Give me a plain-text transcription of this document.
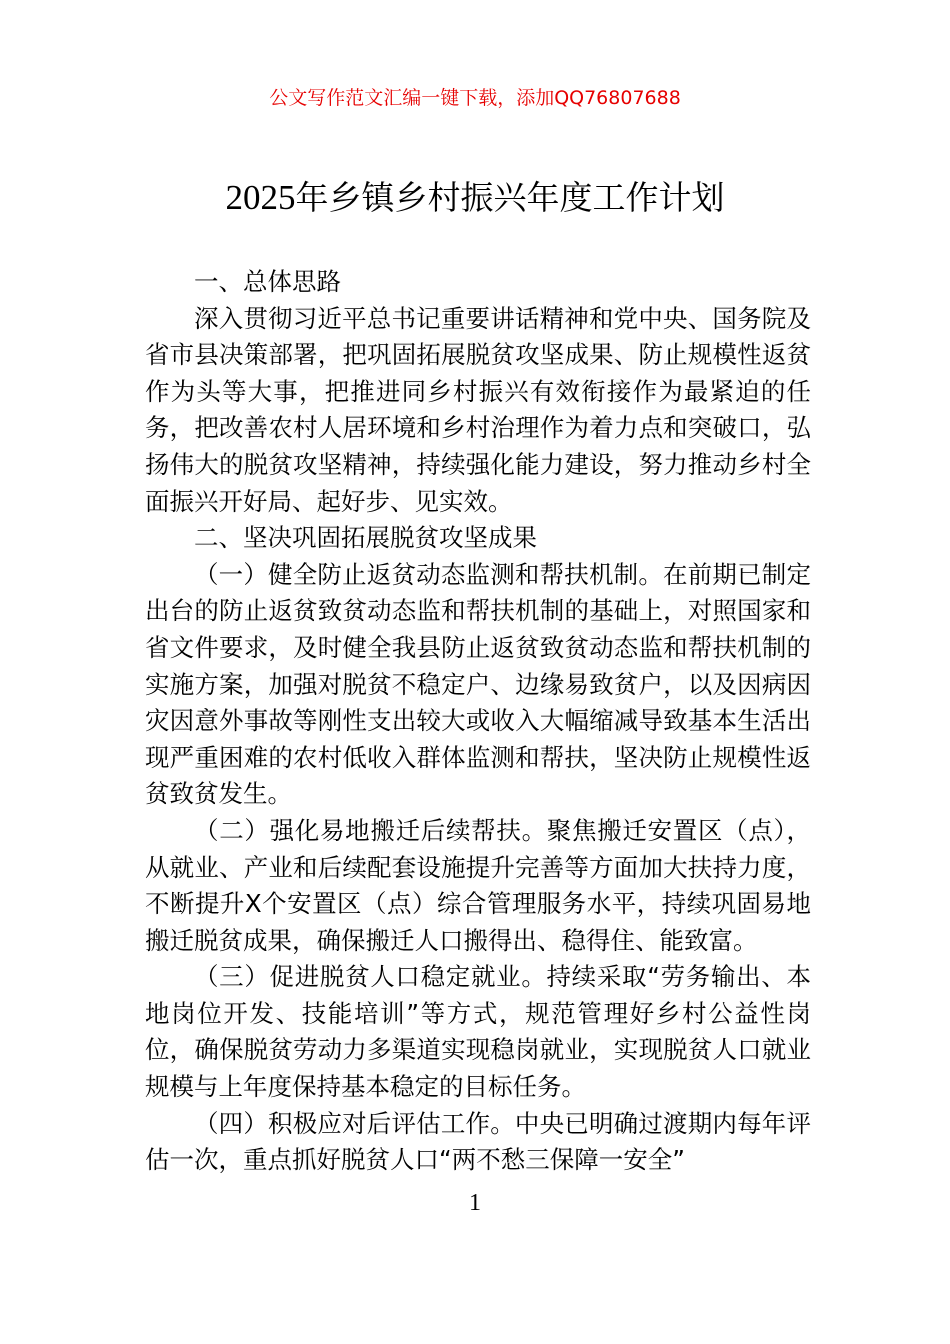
公文写作范文汇编一键下载，添加QQ76807688
2025年乡镇乡村振兴年度工作计划

一、总体思路

深入贯彻习近平总书记重要讲话精神和党中央、国务院及省市县决策部署，把巩固拓展脱贫攻坚成果、防止规模性返贫作为头等大事，把推进同乡村振兴有效衔接作为最紧迫的任务，把改善农村人居环境和乡村治理作为着力点和突破口，弘扬伟大的脱贫攻坚精神，持续强化能力建设，努力推动乡村全面振兴开好局、起好步、见实效。

二、坚决巩固拓展脱贫攻坚成果

（一）健全防止返贫动态监测和帮扶机制。在前期已制定出台的防止返贫致贫动态监和帮扶机制的基础上，对照国家和省文件要求，及时健全我县防止返贫致贫动态监和帮扶机制的实施方案，加强对脱贫不稳定户、边缘易致贫户，以及因病因灾因意外事故等刚性支出较大或收入大幅缩减导致基本生活出现严重困难的农村低收入群体监测和帮扶，坚决防止规模性返贫致贫发生。

（二）强化易地搬迁后续帮扶。聚焦搬迁安置区（点），从就业、产业和后续配套设施提升完善等方面加大扶持力度，不断提升X个安置区（点）综合管理服务水平，持续巩固易地搬迁脱贫成果，确保搬迁人口搬得出、稳得住、能致富。

（三）促进脱贫人口稳定就业。持续采取“劳务输出、本地岗位开发、技能培训”等方式，规范管理好乡村公益性岗位，确保脱贫劳动力多渠道实现稳岗就业，实现脱贫人口就业规模与上年度保持基本稳定的目标任务。

（四）积极应对后评估工作。中央已明确过渡期内每年评估一次，重点抓好脱贫人口“两不愁三保障一安全”

1
